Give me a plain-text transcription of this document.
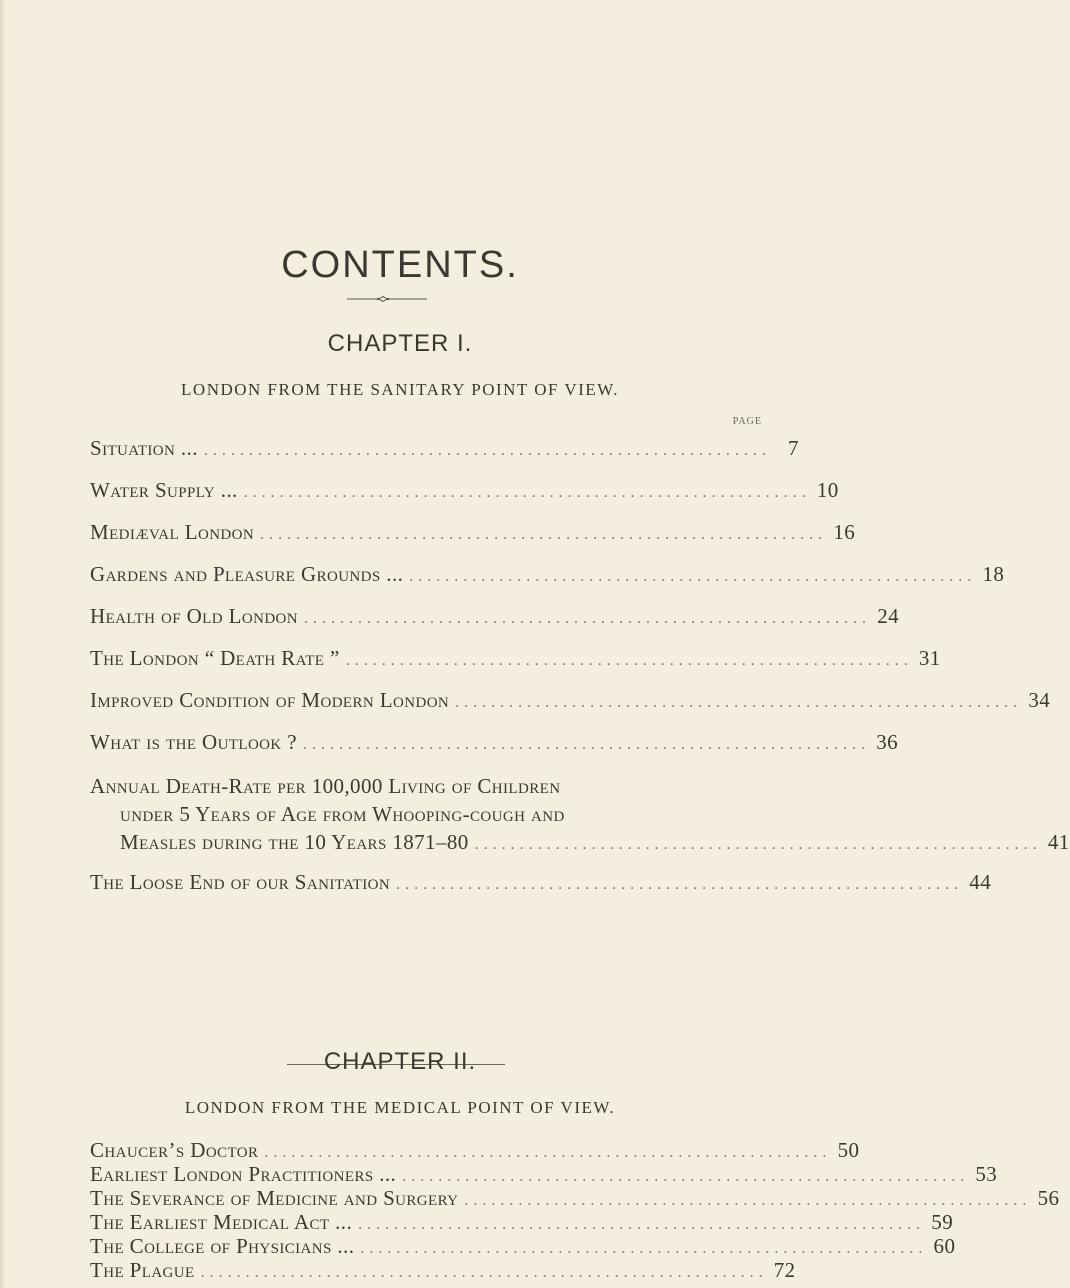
CONTENTS.
CHAPTER I.
LONDON FROM THE SANITARY POINT OF VIEW.
PAGE
Situation ... ............................................................... 7
Water Supply ... ............................................................... 10
Mediæval London ............................................................... 16
Gardens and Pleasure Grounds ... ............................................................... 18
Health of Old London ............................................................... 24
The London “ Death Rate ” ............................................................... 31
Improved Condition of Modern London ............................................................... 34
What is the Outlook ? ............................................................... 36
Annual Death-Rate per 100,000 Living of Children
under 5 Years of Age from Whooping-cough and
Measles during the 10 Years 1871–80 ............................................................... 41
The Loose End of our Sanitation ............................................................... 44
CHAPTER II.
LONDON FROM THE MEDICAL POINT OF VIEW.
Chaucer’s Doctor ............................................................... 50
Earliest London Practitioners ... ............................................................... 53
The Severance of Medicine and Surgery ............................................................... 56
The Earliest Medical Act ... ............................................................... 59
The College of Physicians ... ............................................................... 60
The Plague ............................................................... 72
